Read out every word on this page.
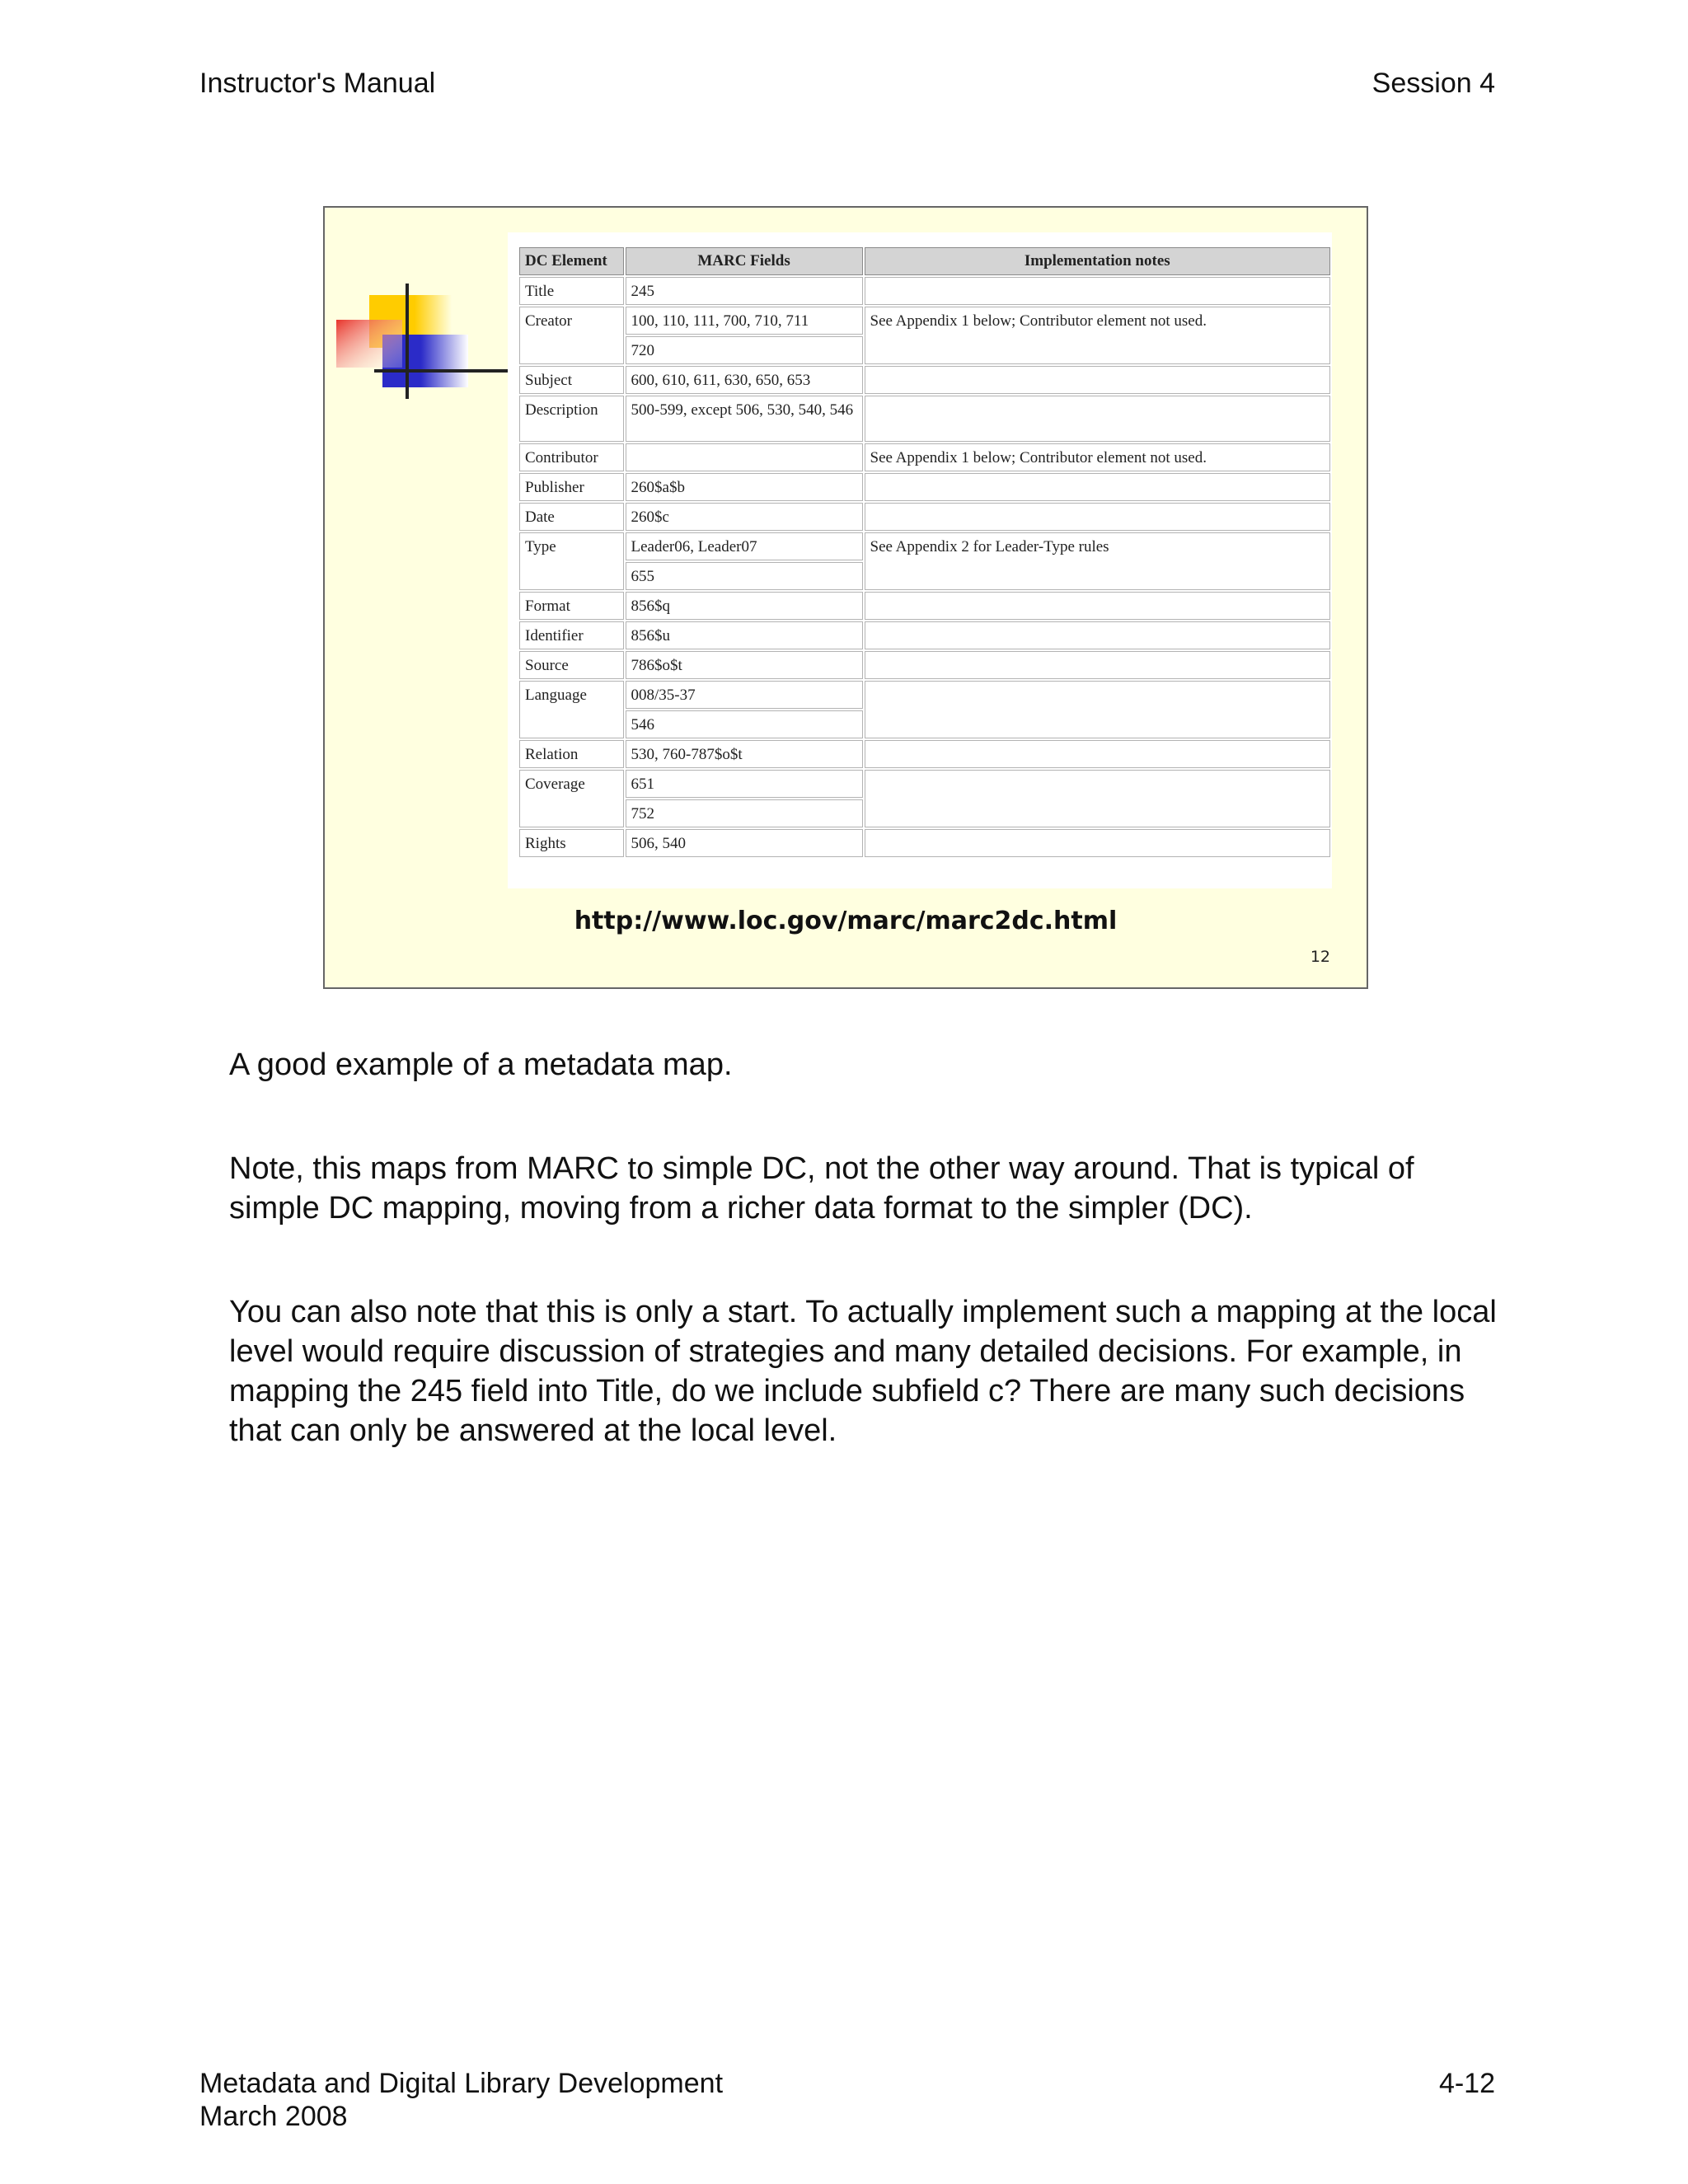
Instructor's Manual	Session 4
DC Element	MARC Fields	Implementation notes
Title	245	
Creator	100, 110, 111, 700, 710, 711	See Appendix 1 below; Contributor element not used.
	720	
Subject	600, 610, 611, 630, 650, 653	
Description	500-599, except 506, 530, 540, 546	
Contributor		See Appendix 1 below; Contributor element not used.
Publisher	260$a$b	
Date	260$c	
Type	Leader06, Leader07	See Appendix 2 for Leader-Type rules
	655	
Format	856$q	
Identifier	856$u	
Source	786$o$t	
Language	008/35-37	
	546	
Relation	530, 760-787$o$t	
Coverage	651	
	752	
Rights	506, 540	
http://www.loc.gov/marc/marc2dc.html
12

A good example of a metadata map.

Note, this maps from MARC to simple DC, not the other way around. That is typical of simple DC mapping, moving from a richer data format to the simpler (DC).

You can also note that this is only a start. To actually implement such a mapping at the local level would require discussion of strategies and many detailed decisions. For example, in mapping the 245 field into Title, do we include subfield c? There are many such decisions that can only be answered at the local level.

Metadata and Digital Library Development
March 2008
4-12
